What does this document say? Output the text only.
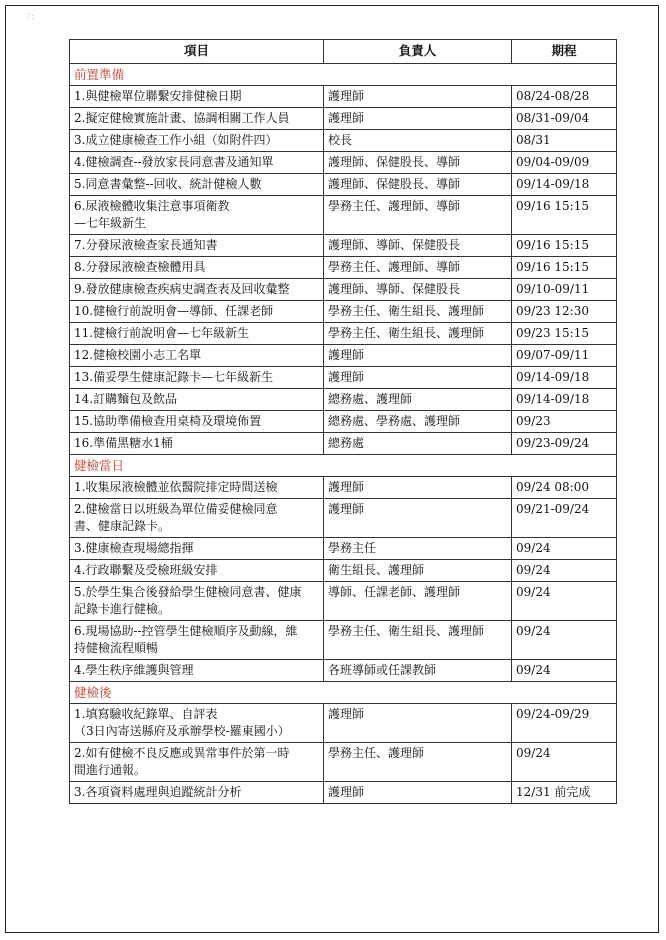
「：
項目	負責人	期程
前置準備		
1.與健檢單位聯繫安排健檢日期	護理師	08/24-08/28
2.擬定健檢實施計畫、協調相關工作人員	護理師	08/31-09/04
3.成立健康檢查工作小組（如附件四）	校長	08/31
4.健檢調查--發放家長同意書及通知單	護理師、保健股長、導師	09/04-09/09
5.同意書彙整--回收、統計健檢人數	護理師、保健股長、導師	09/14-09/18
6.尿液檢體收集注意事項衛教
—七年級新生	學務主任、護理師、導師	09/16 15:15
7.分發尿液檢查家長通知書	護理師、導師、保健股長	09/16 15:15
8.分發尿液檢查檢體用具	學務主任、護理師、導師	09/16 15:15
9.發放健康檢查疾病史調查表及回收彙整	護理師、導師、保健股長	09/10-09/11
10.健檢行前說明會—導師、任課老師	學務主任、衛生組長、護理師	09/23 12:30
11.健檢行前說明會—七年級新生	學務主任、衛生組長、護理師	09/23 15:15
12.健檢校園小志工名單	護理師	09/07-09/11
13.備妥學生健康記錄卡—七年級新生	護理師	09/14-09/18
14.訂購麵包及飲品	總務處、護理師	09/14-09/18
15.協助準備檢查用桌椅及環境佈置	總務處、學務處、護理師	09/23
16.準備黑糖水1桶	總務處	09/23-09/24
健檢當日		
1.收集尿液檢體並依醫院排定時間送檢	護理師	09/24 08:00
2.健檢當日以班級為單位備妥健檢同意
書、健康記錄卡。	護理師	09/21-09/24
3.健康檢查現場總指揮	學務主任	09/24
4.行政聯繫及受檢班級安排	衛生組長、護理師	09/24
5.於學生集合後發給學生健檢同意書、健康
記錄卡進行健檢。	導師、任課老師、護理師	09/24
6.現場協助--控管學生健檢順序及動線，維
持健檢流程順暢	學務主任、衛生組長、護理師	09/24
4.學生秩序維護與管理	各班導師或任課教師	09/24
健檢後		
1.填寫驗收紀錄單、自評表
（3日內寄送縣府及承辦學校-羅東國小）	護理師	09/24-09/29
2.如有健檢不良反應或異常事件於第一時
間進行通報。	學務主任、護理師	09/24
3.各項資料處理與追蹤統計分析	護理師	12/31 前完成
